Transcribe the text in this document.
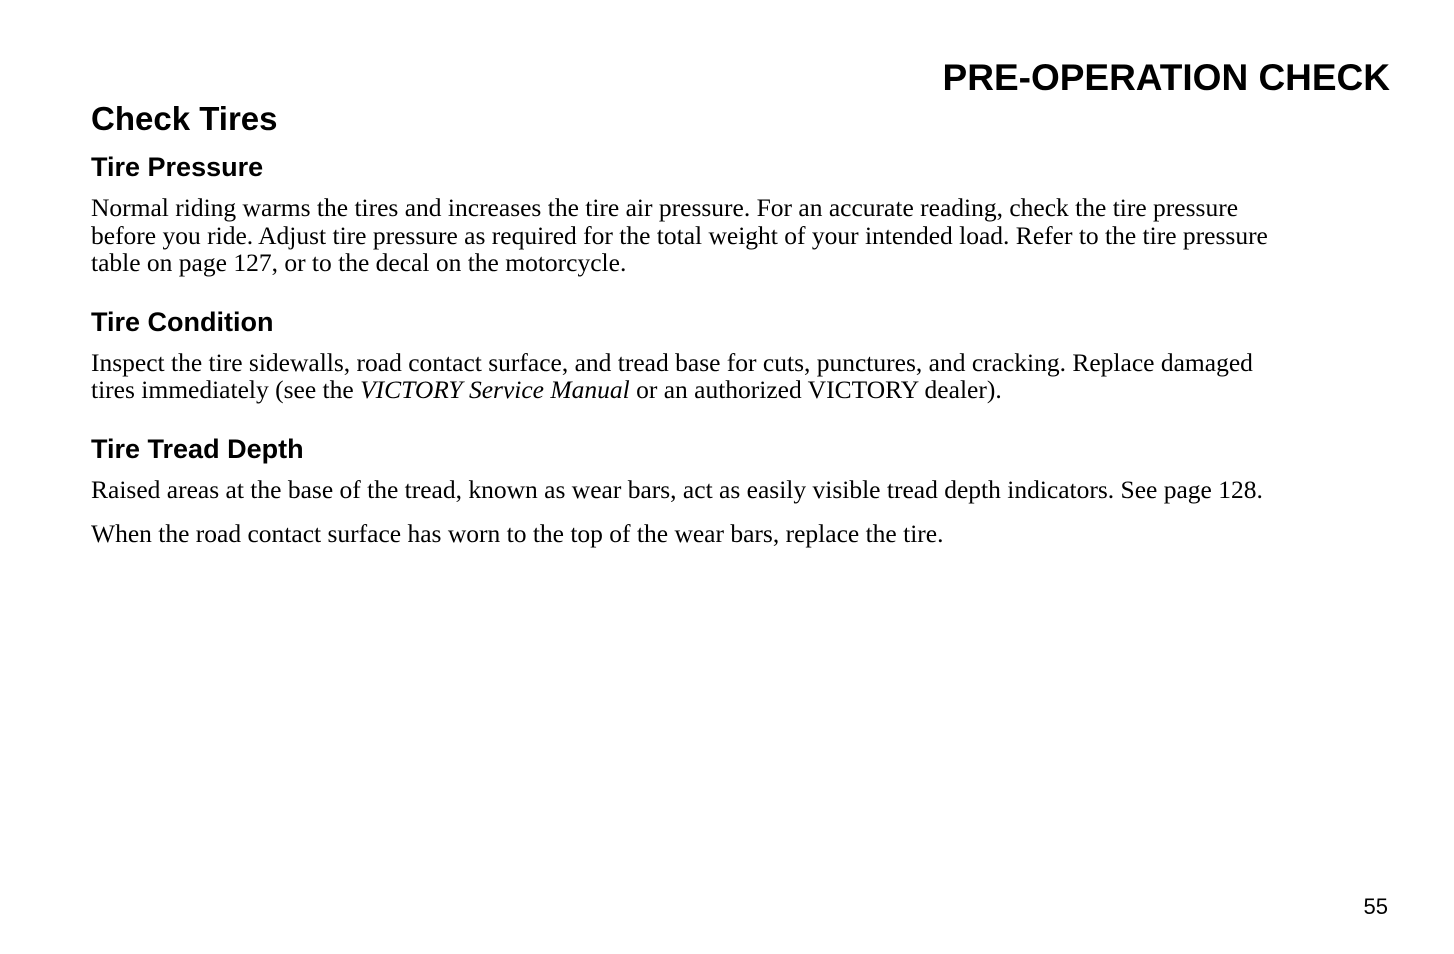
PRE-OPERATION CHECK
Check Tires
Tire Pressure

Normal riding warms the tires and increases the tire air pressure. For an accurate reading, check the tire pressure
before you ride. Adjust tire pressure as required for the total weight of your intended load. Refer to the tire pressure
table on page 127, or to the decal on the motorcycle.

Tire Condition

Inspect the tire sidewalls, road contact surface, and tread base for cuts, punctures, and cracking. Replace damaged
tires immediately (see the VICTORY Service Manual or an authorized VICTORY dealer).

Tire Tread Depth

Raised areas at the base of the tread, known as wear bars, act as easily visible tread depth indicators. See page 128.

When the road contact surface has worn to the top of the wear bars, replace the tire.

55
